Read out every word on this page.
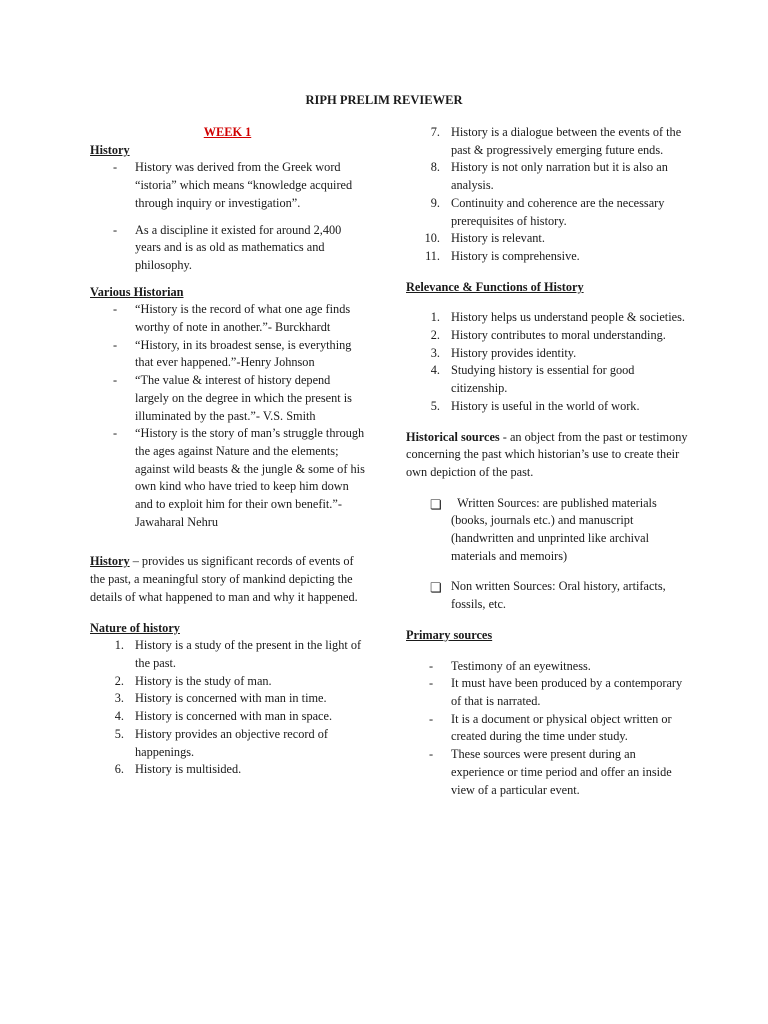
RIPH PRELIM REVIEWER
WEEK 1
History
- History was derived from the Greek word “istoria” which means “knowledge acquired through inquiry or investigation”.
- As a discipline it existed for around 2,400 years and is as old as mathematics and philosophy.
Various Historian
- “History is the record of what one age finds worthy of note in another.”- Burckhardt
- “History, in its broadest sense, is everything that ever happened.”-Henry Johnson
- “The value & interest of history depend largely on the degree in which the present is illuminated by the past.”- V.S. Smith
- “History is the story of man’s struggle through the ages against Nature and the elements; against wild beasts & the jungle & some of his own kind who have tried to keep him down and to exploit him for their own benefit.”- Jawaharal Nehru

History – provides us significant records of events of the past, a meaningful story of mankind depicting the details of what happened to man and why it happened.

Nature of history
1. History is a study of the present in the light of the past.
2. History is the study of man.
3. History is concerned with man in time.
4. History is concerned with man in space.
5. History provides an objective record of happenings.
6. History is multisided.
7. History is a dialogue between the events of the past & progressively emerging future ends.
8. History is not only narration but it is also an analysis.
9. Continuity and coherence are the necessary prerequisites of history.
10. History is relevant.
11. History is comprehensive.
Relevance & Functions of History
1. History helps us understand people & societies.
2. History contributes to moral understanding.
3. History provides identity.
4. Studying history is essential for good citizenship.
5. History is useful in the world of work.

Historical sources - an object from the past or testimony concerning the past which historian’s use to create their own depiction of the past.

❏ Written Sources: are published materials (books, journals etc.) and manuscript (handwritten and unprinted like archival materials and memoirs)
❏ Non written Sources: Oral history, artifacts, fossils, etc.
Primary sources
- Testimony of an eyewitness.
- It must have been produced by a contemporary of that is narrated.
- It is a document or physical object written or created during the time under study.
- These sources were present during an experience or time period and offer an inside view of a particular event.
